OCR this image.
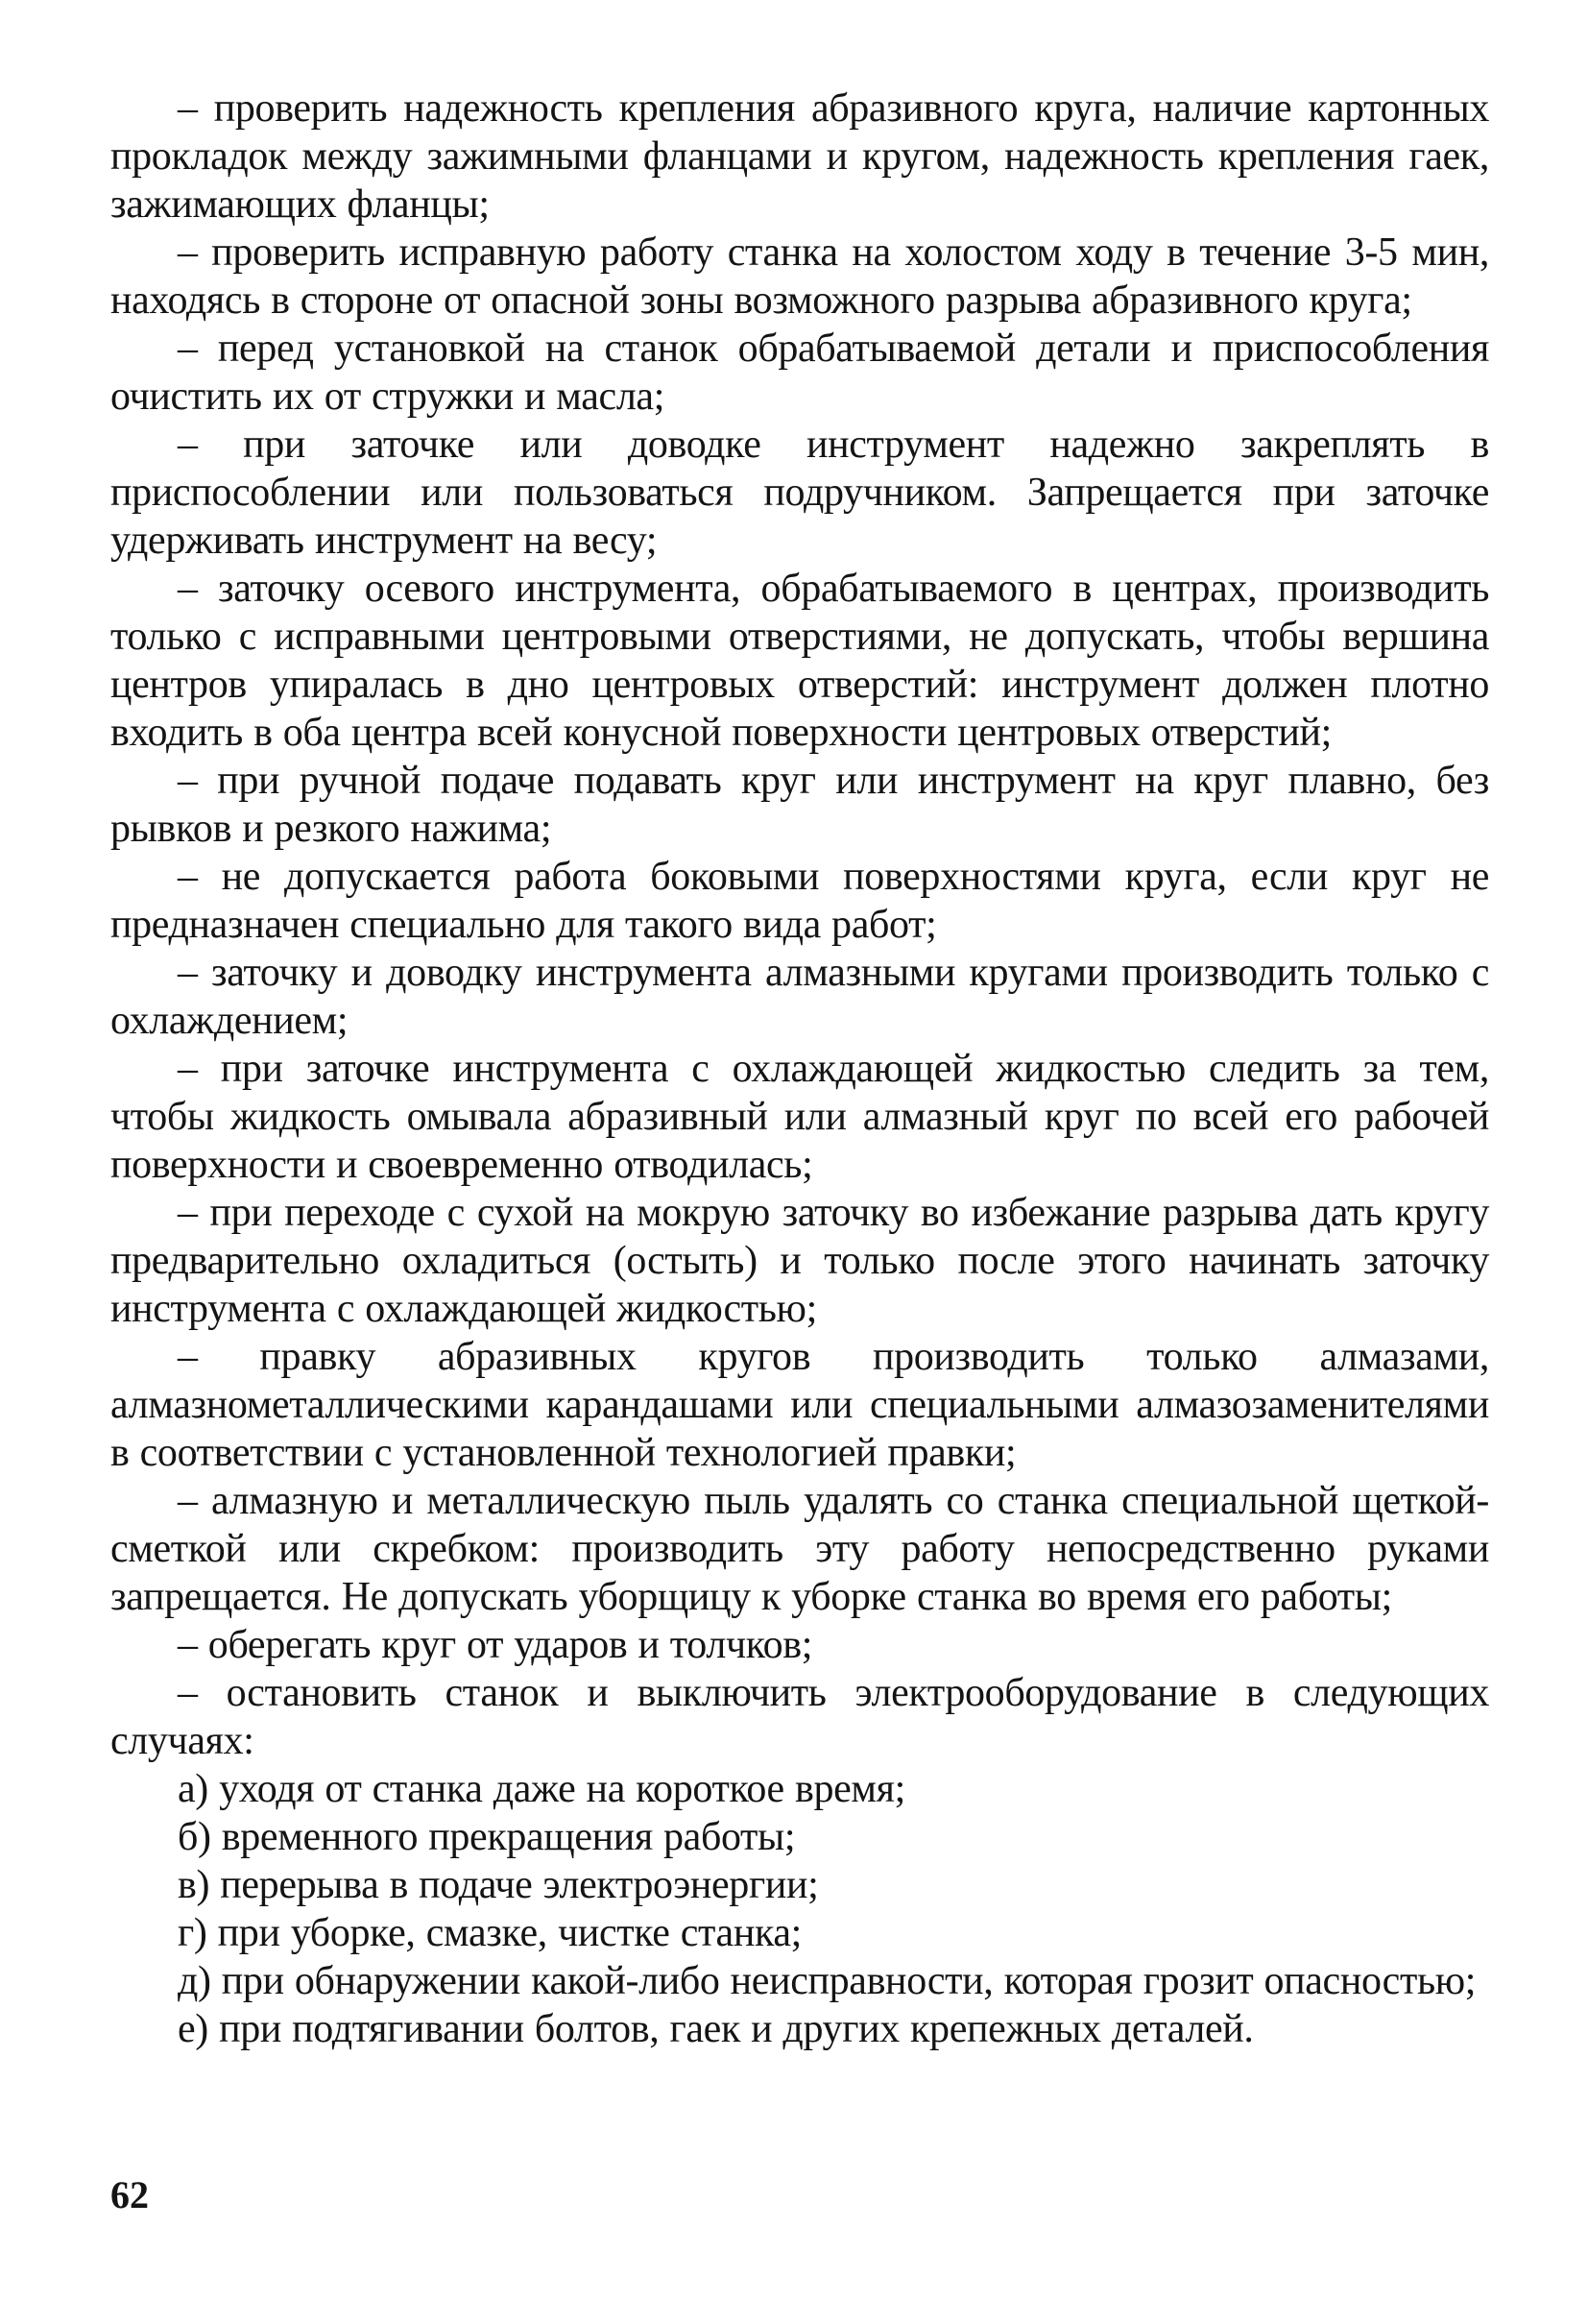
– проверить надежность крепления абразивного круга, наличие картонных прокладок между зажимными фланцами и кругом, надежность крепления гаек, зажимающих фланцы;

– проверить исправную работу станка на холостом ходу в течение 3-5 мин, находясь в стороне от опасной зоны возможного разрыва абразивного круга;

– перед установкой на станок обрабатываемой детали и приспособления очистить их от стружки и масла;

– при заточке или доводке инструмент надежно закреплять в приспособлении или пользоваться подручником. Запрещается при заточке удерживать инструмент на весу;

– заточку осевого инструмента, обрабатываемого в центрах, производить только с исправными центровыми отверстиями, не допускать, чтобы вершина центров упиралась в дно центровых отверстий: инструмент должен плотно входить в оба центра всей конусной поверхности центровых отверстий;

– при ручной подаче подавать круг или инструмент на круг плавно, без рывков и резкого нажима;

– не допускается работа боковыми поверхностями круга, если круг не предназначен специально для такого вида работ;

– заточку и доводку инструмента алмазными кругами производить только с охлаждением;

– при заточке инструмента с охлаждающей жидкостью следить за тем, чтобы жидкость омывала абразивный или алмазный круг по всей его рабочей поверхности и своевременно отводилась;

– при переходе с сухой на мокрую заточку во избежание разрыва дать кругу предварительно охладиться (остыть) и только после этого начинать заточку инструмента с охлаждающей жидкостью;

– правку абразивных кругов производить только алмазами, алмазнометаллическими карандашами или специальными алмазозаменителями в соответствии с установленной технологией правки;

– алмазную и металлическую пыль удалять со станка специальной щеткой-сметкой или скребком: производить эту работу непосредственно руками запрещается. Не допускать уборщицу к уборке станка во время его работы;

– оберегать круг от ударов и толчков;

– остановить станок и выключить электрооборудование в следующих случаях:

а) уходя от станка даже на короткое время;

б) временного прекращения работы;

в) перерыва в подаче электроэнергии;

г) при уборке, смазке, чистке станка;

д) при обнаружении какой-либо неисправности, которая грозит опасностью;

е) при подтягивании болтов, гаек и других крепежных деталей.

62
